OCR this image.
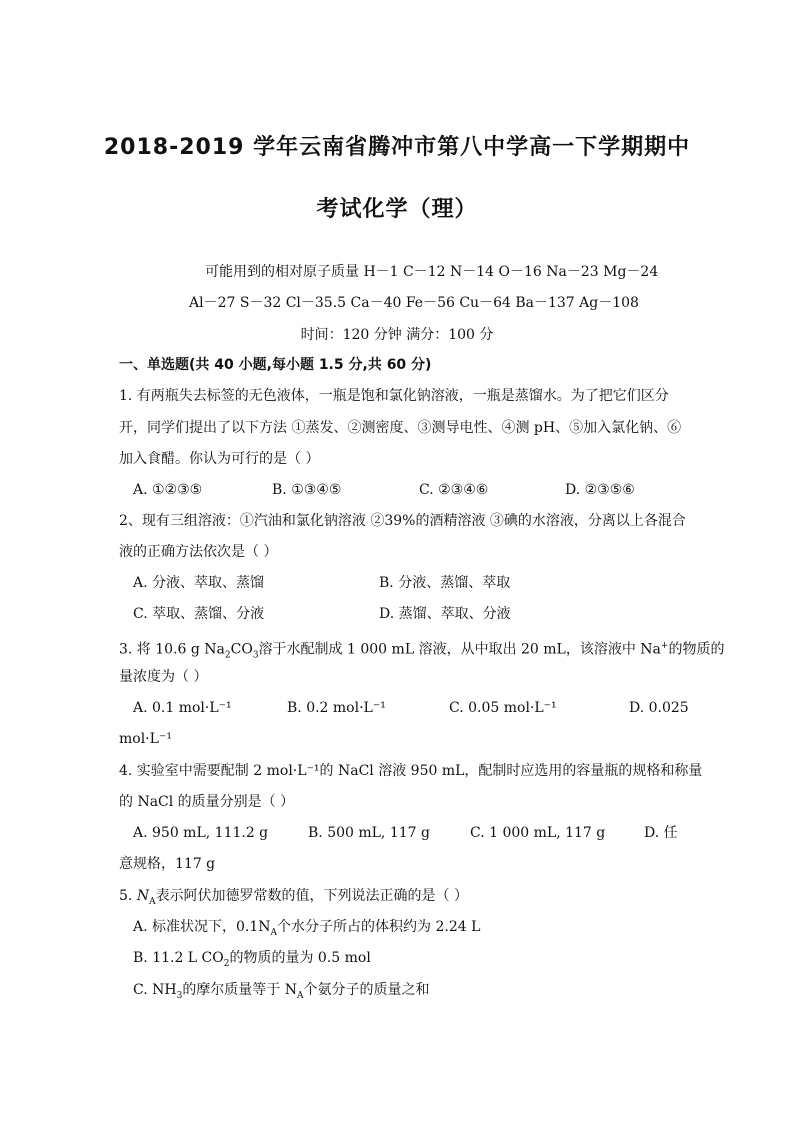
2018-2019 学年云南省腾冲市第八中学高一下学期期中
考试化学（理）
可能用到的相对原子质量 H－1 C－12 N－14 O－16 Na－23 Mg－24
Al－27 S－32 Cl－35.5 Ca－40 Fe－56 Cu－64 Ba－137 Ag－108
时间：120 分钟 满分：100 分
一、单选题(共 40 小题,每小题 1.5 分,共 60 分)
1. 有两瓶失去标签的无色液体，一瓶是饱和氯化钠溶液，一瓶是蒸馏水。为了把它们区分
开，同学们提出了以下方法 ①蒸发、②测密度、③测导电性、④测 pH、⑤加入氯化钠、⑥
加入食醋。你认为可行的是（ ）
A. ①②③⑤	B. ①③④⑤	C. ②③④⑥	D. ②③⑤⑥
2、现有三组溶液：①汽油和氯化钠溶液 ②39%的酒精溶液 ③碘的水溶液，分离以上各混合
液的正确方法依次是（ ）
A. 分液、萃取、蒸馏	B. 分液、蒸馏、萃取
C. 萃取、蒸馏、分液	D. 蒸馏、萃取、分液
3. 将 10.6 g $Na_2CO_3$溶于水配制成 1 000 mL 溶液，从中取出 20 mL，该溶液中 Na+的物质的
量浓度为（ ）
A. 0.1 mol·L⁻¹	B. 0.2 mol·L⁻¹	C. 0.05 mol·L⁻¹	D. 0.025
mol·L⁻¹
4. 实验室中需要配制 2 mol·L⁻¹的 NaCl 溶液 950 mL，配制时应选用的容量瓶的规格和称量
的 NaCl 的质量分别是（ ）
A. 950 mL, 111.2 g	B. 500 mL, 117 g	C. 1 000 mL, 117 g	D. 任
意规格，117 g
5. $N_A$表示阿伏加德罗常数的值，下列说法正确的是（ ）
A. 标准状况下，$0.1N_A$个水分子所占的体积约为 2.24 L
B. 11.2 L $CO_2$的物质的量为 0.5 mol
C. $NH_3$的摩尔质量等于 $N_A$个氨分子的质量之和
